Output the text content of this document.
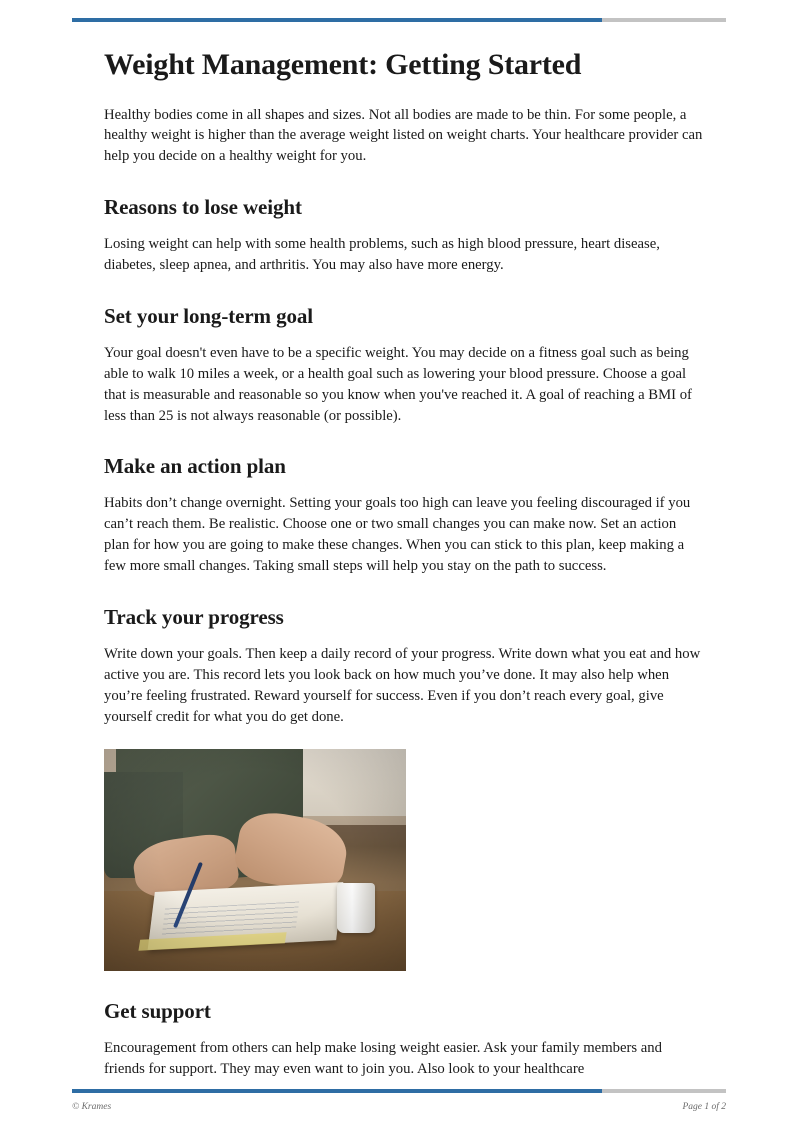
Weight Management: Getting Started

Healthy bodies come in all shapes and sizes. Not all bodies are made to be thin. For some people, a healthy weight is higher than the average weight listed on weight charts. Your healthcare provider can help you decide on a healthy weight for you.

Reasons to lose weight

Losing weight can help with some health problems, such as high blood pressure, heart disease, diabetes, sleep apnea, and arthritis. You may also have more energy.

Set your long-term goal

Your goal doesn't even have to be a specific weight. You may decide on a fitness goal such as being able to walk 10 miles a week, or a health goal such as lowering your blood pressure. Choose a goal that is measurable and reasonable so you know when you've reached it. A goal of reaching a BMI of less than 25 is not always reasonable (or possible).

Make an action plan

Habits don’t change overnight. Setting your goals too high can leave you feeling discouraged if you can’t reach them. Be realistic. Choose one or two small changes you can make now. Set an action plan for how you are going to make these changes. When you can stick to this plan, keep making a few more small changes. Taking small steps will help you stay on the path to success.

Track your progress

Write down your goals. Then keep a daily record of your progress. Write down what you eat and how active you are. This record lets you look back on how much you’ve done. It may also help when you’re feeling frustrated. Reward yourself for success. Even if you don’t reach every goal, give yourself credit for what you do get done.

Get support

Encouragement from others can help make losing weight easier. Ask your family members and friends for support. They may even want to join you. Also look to your healthcare

© Krames	Page 1 of 2
